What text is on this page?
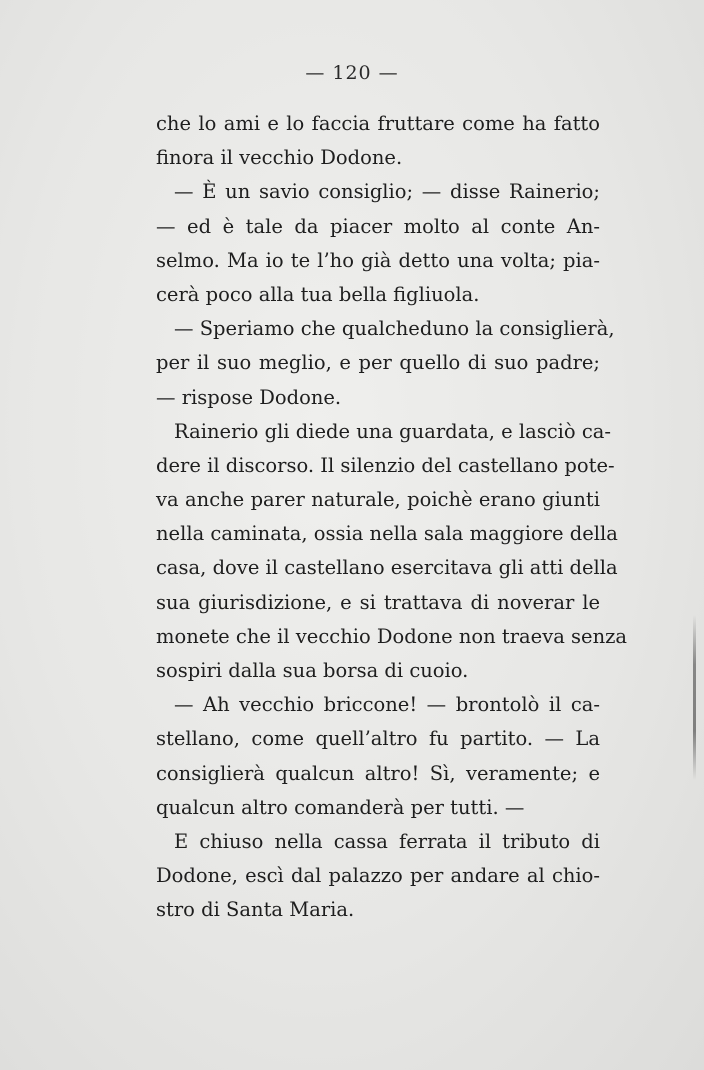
— 120 —
che lo ami e lo faccia fruttare come ha fatto
finora il vecchio Dodone.
— È un savio consiglio; — disse Rainerio;
— ed è tale da piacer molto al conte An-
selmo. Ma io te l’ho già detto una volta; pia-
cerà poco alla tua bella figliuola.
— Speriamo che qualcheduno la consiglierà,
per il suo meglio, e per quello di suo padre;
— rispose Dodone.
Rainerio gli diede una guardata, e lasciò ca-
dere il discorso. Il silenzio del castellano pote-
va anche parer naturale, poichè erano giunti
nella caminata, ossia nella sala maggiore della
casa, dove il castellano esercitava gli atti della
sua giurisdizione, e si trattava di noverar le
monete che il vecchio Dodone non traeva senza
sospiri dalla sua borsa di cuoio.
— Ah vecchio briccone! — brontolò il ca-
stellano, come quell’altro fu partito. — La
consiglierà qualcun altro! Sì, veramente; e
qualcun altro comanderà per tutti. —
E chiuso nella cassa ferrata il tributo di
Dodone, escì dal palazzo per andare al chio-
stro di Santa Maria.
